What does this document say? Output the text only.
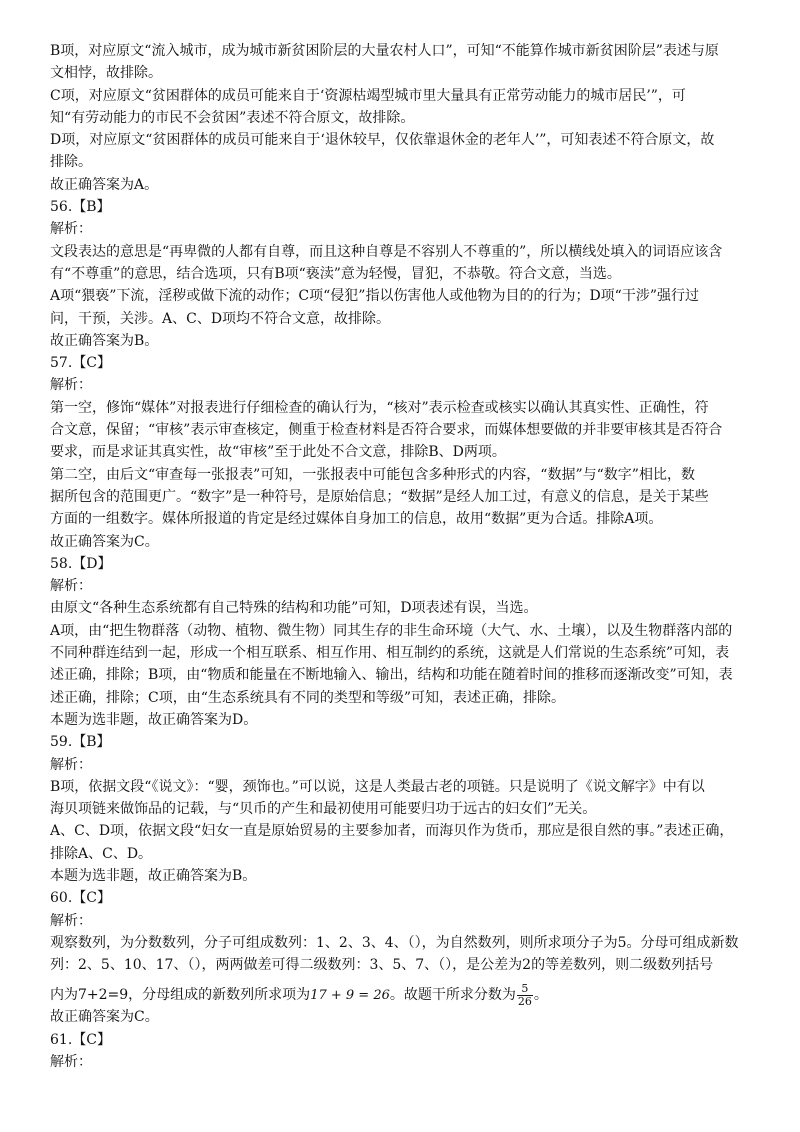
B项，对应原文“流入城市，成为城市新贫困阶层的大量农村人口”，可知“不能算作城市新贫困阶层”表述与原
文相悖，故排除。
C项，对应原文“贫困群体的成员可能来自于‘资源枯竭型城市里大量具有正常劳动能力的城市居民’”，可
知“有劳动能力的市民不会贫困”表述不符合原文，故排除。
D项，对应原文“贫困群体的成员可能来自于‘退休较早，仅依靠退休金的老年人’”，可知表述不符合原文，故
排除。
故正确答案为A。
56.【B】
解析：
文段表达的意思是“再卑微的人都有自尊，而且这种自尊是不容别人不尊重的”，所以横线处填入的词语应该含
有“不尊重”的意思，结合选项，只有B项“亵渎”意为轻慢，冒犯，不恭敬。符合文意，当选。
A项“猥亵”下流，淫秽或做下流的动作；C项“侵犯”指以伤害他人或他物为目的的行为；D项“干涉”强行过
问，干预，关涉。A、C、D项均不符合文意，故排除。
故正确答案为B。
57.【C】
解析：
第一空，修饰“媒体”对报表进行仔细检查的确认行为，“核对”表示检查或核实以确认其真实性、正确性，符
合文意，保留；“审核”表示审查核定，侧重于检查材料是否符合要求，而媒体想要做的并非要审核其是否符合
要求，而是求证其真实性，故“审核”至于此处不合文意，排除B、D两项。
第二空，由后文“审查每一张报表”可知，一张报表中可能包含多种形式的内容，“数据”与“数字”相比，数
据所包含的范围更广。“数字”是一种符号，是原始信息；“数据”是经人加工过，有意义的信息，是关于某些
方面的一组数字。媒体所报道的肯定是经过媒体自身加工的信息，故用“数据”更为合适。排除A项。
故正确答案为C。
58.【D】
解析：
由原文“各种生态系统都有自己特殊的结构和功能”可知，D项表述有误，当选。
A项，由“把生物群落（动物、植物、微生物）同其生存的非生命环境（大气、水、土壤），以及生物群落内部的
不同种群连结到一起，形成一个相互联系、相互作用、相互制约的系统，这就是人们常说的生态系统”可知，表
述正确，排除；B项，由“物质和能量在不断地输入、输出，结构和功能在随着时间的推移而逐渐改变”可知，表
述正确，排除；C项，由“生态系统具有不同的类型和等级”可知，表述正确，排除。
本题为选非题，故正确答案为D。
59.【B】
解析：
B项，依据文段“《说文》：“婴，颈饰也。”可以说，这是人类最古老的项链。只是说明了《说文解字》中有以
海贝项链来做饰品的记载，与“贝币的产生和最初使用可能要归功于远古的妇女们”无关。
A、C、D项，依据文段“妇女一直是原始贸易的主要参加者，而海贝作为货币，那应是很自然的事。”表述正确，
排除A、C、D。
本题为选非题，故正确答案为B。
60.【C】
解析：
观察数列，为分数数列，分子可组成数列：1、2、3、4、（），为自然数列，则所求项分子为5。分母可组成新数
列：2、5、10、17、（），两两做差可得二级数列：3、5、7、（），是公差为2的等差数列，则二级数列括号
内为7+2=9，分母组成的新数列所求项为17 + 9 = 26。故题干所求分数为 $\frac{5}{26}$ 。
故正确答案为C。
61.【C】
解析：
